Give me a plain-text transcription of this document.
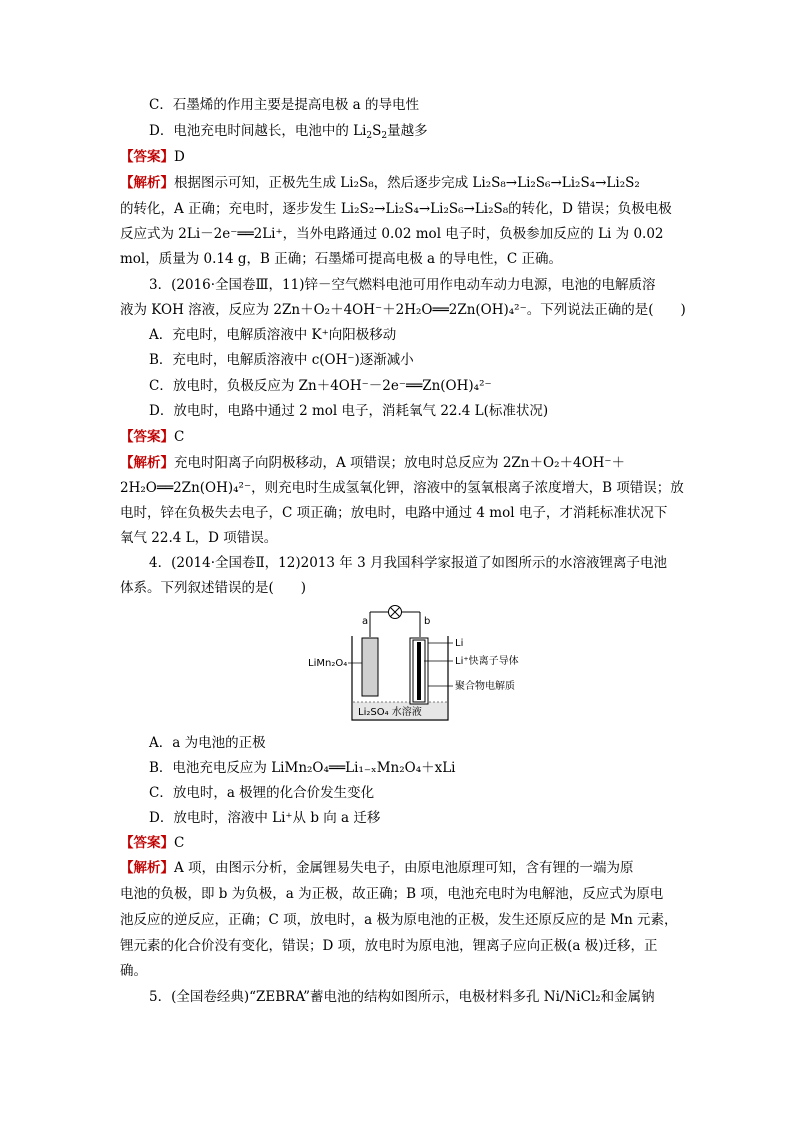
C．石墨烯的作用主要是提高电极 a 的导电性
D．电池充电时间越长，电池中的 $Li_2S_2$量越多
【答案】D
【解析】根据图示可知，正极先生成 Li₂S₈，然后逐步完成 Li₂S₈→Li₂S₆→Li₂S₄→Li₂S₂
的转化，A 正确；充电时，逐步发生 Li₂S₂→Li₂S₄→Li₂S₆→Li₂S₈的转化，D 错误；负极电极
反应式为 2Li－2e⁻══2Li⁺，当外电路通过 0.02 mol 电子时，负极参加反应的 Li 为 0.02
mol，质量为 0.14 g，B 正确；石墨烯可提高电极 a 的导电性，C 正确。
3．(2016·全国卷Ⅲ，11)锌－空气燃料电池可用作电动车动力电源，电池的电解质溶
液为 KOH 溶液，反应为 2Zn＋O₂＋4OH⁻＋2H₂O══2Zn(OH)₄²⁻。下列说法正确的是(　　)
A．充电时，电解质溶液中 K⁺向阳极移动
B．充电时，电解质溶液中 c(OH⁻)逐渐减小
C．放电时，负极反应为 Zn＋4OH⁻－2e⁻══Zn(OH)₄²⁻
D．放电时，电路中通过 2 mol 电子，消耗氧气 22.4 L(标准状况)
【答案】C
【解析】充电时阳离子向阴极移动，A 项错误；放电时总反应为 2Zn＋O₂＋4OH⁻＋
2H₂O══2Zn(OH)₄²⁻，则充电时生成氢氧化钾，溶液中的氢氧根离子浓度增大，B 项错误；放
电时，锌在负极失去电子，C 项正确；放电时，电路中通过 4 mol 电子，才消耗标准状况下
氧气 22.4 L，D 项错误。
4．(2014·全国卷Ⅱ，12)2013 年 3 月我国科学家报道了如图所示的水溶液锂离子电池
体系。下列叙述错误的是(　　)
a	b
LiMn₂O₄
Li
Li⁺快离子导体
聚合物电解质
Li₂SO₄ 水溶液
A．a 为电池的正极
B．电池充电反应为 LiMn₂O₄══Li₁₋ₓMn₂O₄＋xLi
C．放电时，a 极锂的化合价发生变化
D．放电时，溶液中 Li⁺从 b 向 a 迁移
【答案】C
【解析】A 项，由图示分析，金属锂易失电子，由原电池原理可知，含有锂的一端为原
电池的负极，即 b 为负极，a 为正极，故正确；B 项，电池充电时为电解池，反应式为原电
池反应的逆反应，正确；C 项，放电时，a 极为原电池的正极，发生还原反应的是 Mn 元素，
锂元素的化合价没有变化，错误；D 项，放电时为原电池，锂离子应向正极(a 极)迁移，正
确。
5．(全国卷经典)“ZEBRA”蓄电池的结构如图所示，电极材料多孔 Ni/NiCl₂和金属钠
